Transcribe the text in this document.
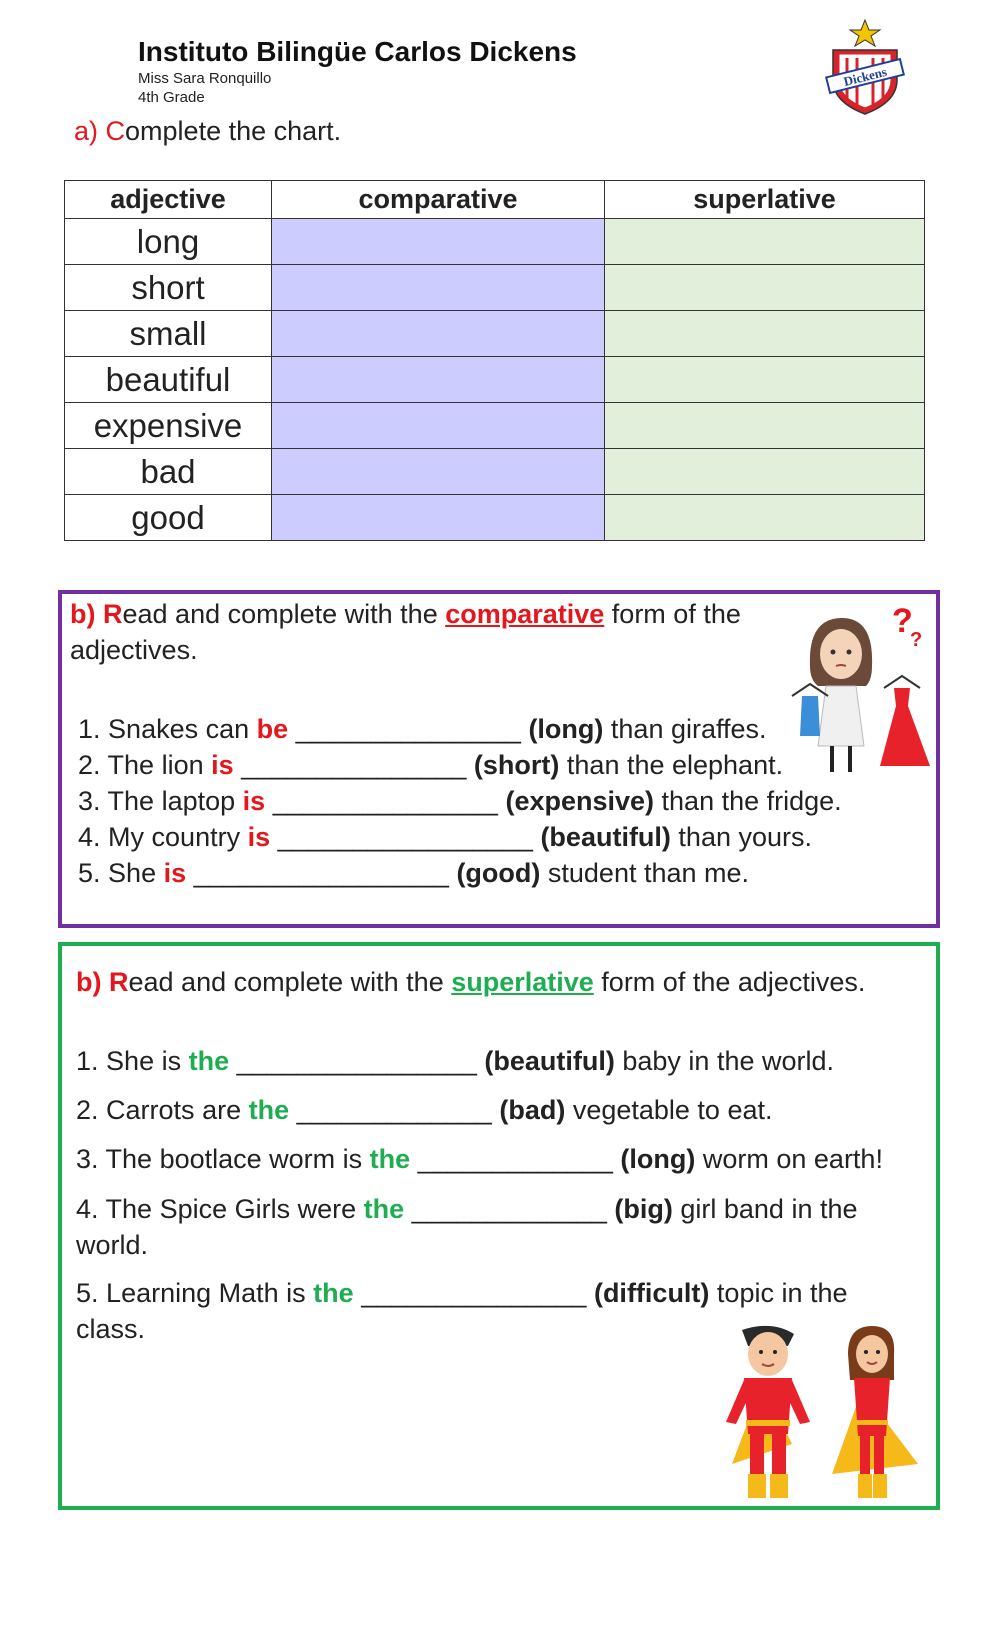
Instituto Bilingüe Carlos Dickens
Miss Sara Ronquillo
4th Grade
Dickens
a) Complete the chart.
adjective	comparative	superlative
long		
short		
small		
beautiful		
expensive		
bad		
good		
b) Read and complete with the comparative form of the adjectives.
1. Snakes can be _______________ (long) than giraffes.
2. The lion is _______________ (short) than the elephant.
3. The laptop is _______________ (expensive) than the fridge.
4. My country is _________________ (beautiful) than yours.
5. She is _________________ (good) student than me.
?
?
b) Read and complete with the superlative form of the adjectives.
1. She is the ________________ (beautiful) baby in the world.
2. Carrots are the _____________ (bad) vegetable to eat.
3. The bootlace worm is the _____________ (long) worm on earth!
4. The Spice Girls were the _____________ (big) girl band in the world.
5. Learning Math is the _______________ (difficult) topic in the class.
